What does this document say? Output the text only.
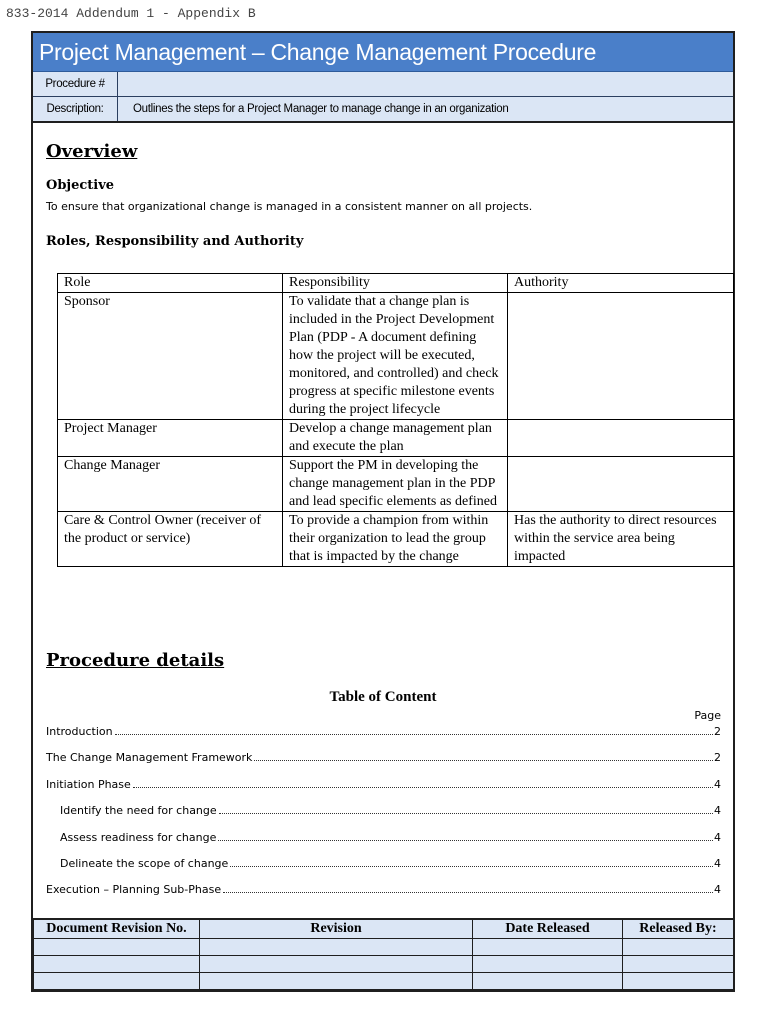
833-2014 Addendum 1 - Appendix B
Project Management – Change Management Procedure
Procedure #
Description:	Outlines the steps for a Project Manager to manage change in an organization
Overview
Objective
To ensure that organizational change is managed in a consistent manner on all projects.
Roles, Responsibility and Authority
Role	Responsibility	Authority
Sponsor	To validate that a change plan is included in the Project Development Plan (PDP - A document defining how the project will be executed, monitored, and controlled) and check progress at specific milestone events during the project lifecycle	
Project Manager	Develop a change management plan and execute the plan	
Change Manager	Support the PM in developing the change management plan in the PDP and lead specific elements as defined	
Care & Control Owner (receiver of the product or service)	To provide a champion from within their organization to lead the group that is impacted by the change	Has the authority to direct resources within the service area being impacted
Procedure details
Table of Content
Page
Introduction	2
The Change Management Framework	2
Initiation Phase	4
Identify the need for change	4
Assess readiness for change	4
Delineate the scope of change	4
Execution – Planning Sub-Phase	4
Document Revision No.	Revision	Date Released	Released By:
